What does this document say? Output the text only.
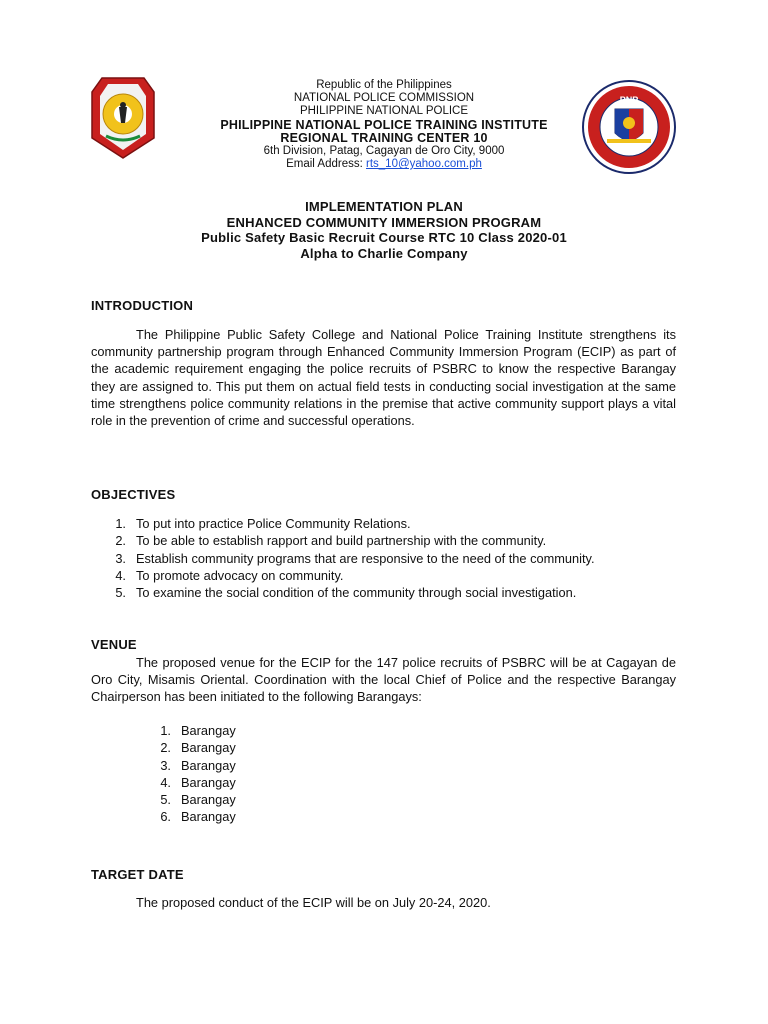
Republic of the Philippines
NATIONAL POLICE COMMISSION
PHILIPPINE NATIONAL POLICE
PHILIPPINE NATIONAL POLICE TRAINING INSTITUTE
REGIONAL TRAINING CENTER 10
6th Division, Patag, Cagayan de Oro City, 9000
Email Address: rts_10@yahoo.com.ph
PNP
IMPLEMENTATION PLAN
ENHANCED COMMUNITY IMMERSION PROGRAM
Public Safety Basic Recruit Course RTC 10 Class 2020-01
Alpha to Charlie Company
INTRODUCTION
The Philippine Public Safety College and National Police Training Institute strengthens its community partnership program through Enhanced Community Immersion Program (ECIP) as part of the academic requirement engaging the police recruits of PSBRC to know the respective Barangay they are assigned to. This put them on actual field tests in conducting social investigation at the same time strengthens police community relations in the premise that active community support plays a vital role in the prevention of crime and successful operations.
OBJECTIVES
1. To put into practice Police Community Relations.
2. To be able to establish rapport and build partnership with the community.
3. Establish community programs that are responsive to the need of the community.
4. To promote advocacy on community.
5. To examine the social condition of the community through social investigation.
VENUE
The proposed venue for the ECIP for the 147 police recruits of PSBRC will be at Cagayan de Oro City, Misamis Oriental. Coordination with the local Chief of Police and the respective Barangay Chairperson has been initiated to the following Barangays:
1. Barangay
2. Barangay
3. Barangay
4. Barangay
5. Barangay
6. Barangay
TARGET DATE
The proposed conduct of the ECIP will be on July 20-24, 2020.
